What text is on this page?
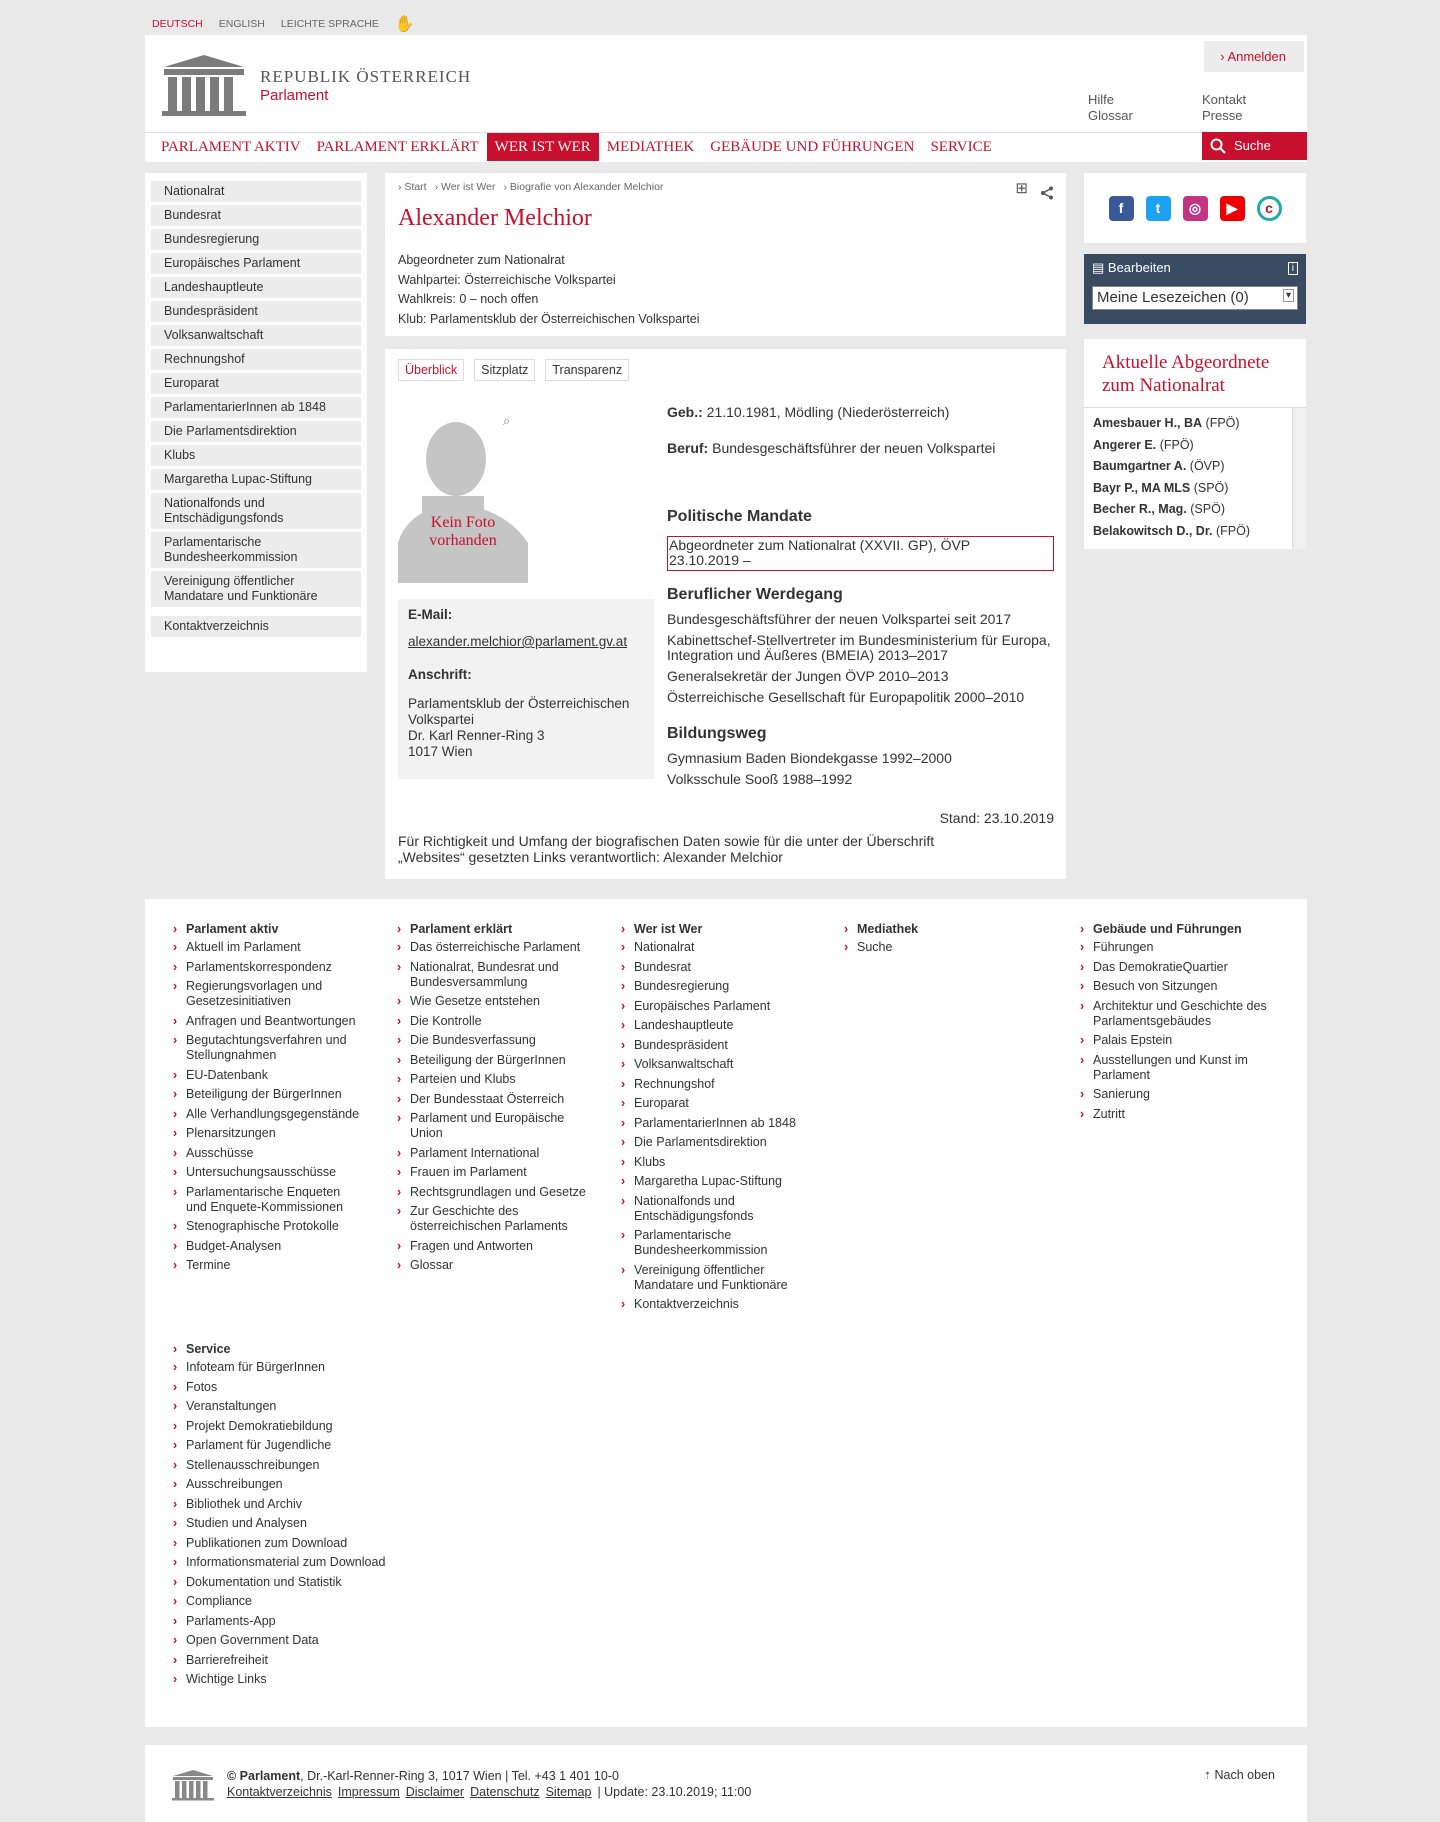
DEUTSCH ENGLISH LEICHTE SPRACHE ✋
REPUBLIK ÖSTERREICH
Parlament
› Anmelden
Hilfe
Glossar
Kontakt
Presse
PARLAMENT AKTIV	PARLAMENT ERKLÄRT	WER IST WER	MEDIATHEK	GEBÄUDE UND FÜHRUNGEN	SERVICE	Suche
Nationalrat
Bundesrat
Bundesregierung
Europäisches Parlament
Landeshauptleute
Bundespräsident
Volksanwaltschaft
Rechnungshof
Europarat
ParlamentarierInnen ab 1848
Die Parlamentsdirektion
Klubs
Margaretha Lupac-Stiftung
Nationalfonds und Entschädigungsfonds
Parlamentarische Bundesheerkommission
Vereinigung öffentlicher Mandatare und Funktionäre
Kontaktverzeichnis
› Start › Wer ist Wer › Biografie von Alexander Melchior	⊞
Alexander Melchior
Abgeordneter zum Nationalrat
Wahlpartei: Österreichische Volkspartei
Wahlkreis: 0 – noch offen
Klub: Parlamentsklub der Österreichischen Volkspartei
Überblick	Sitzplatz	Transparenz
⌕
Kein Foto vorhanden
E-Mail:
alexander.melchior@parlament.gv.at
Anschrift:
Parlamentsklub der Österreichischen Volkspartei
Dr. Karl Renner-Ring 3
1017 Wien
Geb.: 21.10.1981, Mödling (Niederösterreich)
Beruf: Bundesgeschäftsführer der neuen Volkspartei
Politische Mandate
Abgeordneter zum Nationalrat (XXVII. GP), ÖVP
23.10.2019 –
Beruflicher Werdegang
Bundesgeschäftsführer der neuen Volkspartei seit 2017
Kabinettschef-Stellvertreter im Bundesministerium für Europa, Integration und Äußeres (BMEIA) 2013–2017
Generalsekretär der Jungen ÖVP 2010–2013
Österreichische Gesellschaft für Europapolitik 2000–2010
Bildungsweg
Gymnasium Baden Biondekgasse 1992–2000
Volksschule Sooß 1988–1992
Stand: 23.10.2019
Für Richtigkeit und Umfang der biografischen Daten sowie für die unter der Überschrift „Websites“ gesetzten Links verantwortlich: Alexander Melchior
f	t	◎	▶	c
▤ Bearbeiten	i
Meine Lesezeichen (0)	▾
Aktuelle Abgeordnete zum Nationalrat
Amesbauer H., BA (FPÖ)
Angerer E. (FPÖ)
Baumgartner A. (ÖVP)
Bayr P., MA MLS (SPÖ)
Becher R., Mag. (SPÖ)
Belakowitsch D., Dr. (FPÖ)
› Parlament aktiv
› Aktuell im Parlament
› Parlamentskorrespondenz
› Regierungsvorlagen und Gesetzesinitiativen
› Anfragen und Beantwortungen
› Begutachtungsverfahren und Stellungnahmen
› EU-Datenbank
› Beteiligung der BürgerInnen
› Alle Verhandlungsgegenstände
› Plenarsitzungen
› Ausschüsse
› Untersuchungsausschüsse
› Parlamentarische Enqueten und Enquete-Kommissionen
› Stenographische Protokolle
› Budget-Analysen
› Termine
› Parlament erklärt
› Das österreichische Parlament
› Nationalrat, Bundesrat und Bundesversammlung
› Wie Gesetze entstehen
› Die Kontrolle
› Die Bundesverfassung
› Beteiligung der BürgerInnen
› Parteien und Klubs
› Der Bundesstaat Österreich
› Parlament und Europäische Union
› Parlament International
› Frauen im Parlament
› Rechtsgrundlagen und Gesetze
› Zur Geschichte des österreichischen Parlaments
› Fragen und Antworten
› Glossar
› Wer ist Wer
› Nationalrat
› Bundesrat
› Bundesregierung
› Europäisches Parlament
› Landeshauptleute
› Bundespräsident
› Volksanwaltschaft
› Rechnungshof
› Europarat
› ParlamentarierInnen ab 1848
› Die Parlamentsdirektion
› Klubs
› Margaretha Lupac-Stiftung
› Nationalfonds und Entschädigungsfonds
› Parlamentarische Bundesheerkommission
› Vereinigung öffentlicher Mandatare und Funktionäre
› Kontaktverzeichnis
› Mediathek
› Suche
› Gebäude und Führungen
› Führungen
› Das DemokratieQuartier
› Besuch von Sitzungen
› Architektur und Geschichte des Parlamentsgebäudes
› Palais Epstein
› Ausstellungen und Kunst im Parlament
› Sanierung
› Zutritt
› Service
› Infoteam für BürgerInnen
› Fotos
› Veranstaltungen
› Projekt Demokratiebildung
› Parlament für Jugendliche
› Stellenausschreibungen
› Ausschreibungen
› Bibliothek und Archiv
› Studien und Analysen
› Publikationen zum Download
› Informationsmaterial zum Download
› Dokumentation und Statistik
› Compliance
› Parlaments-App
› Open Government Data
› Barrierefreiheit
› Wichtige Links
© Parlament, Dr.-Karl-Renner-Ring 3, 1017 Wien | Tel. +43 1 401 10-0
Kontaktverzeichnis Impressum Disclaimer Datenschutz Sitemap | Update: 23.10.2019; 11:00
⇡ Nach oben
